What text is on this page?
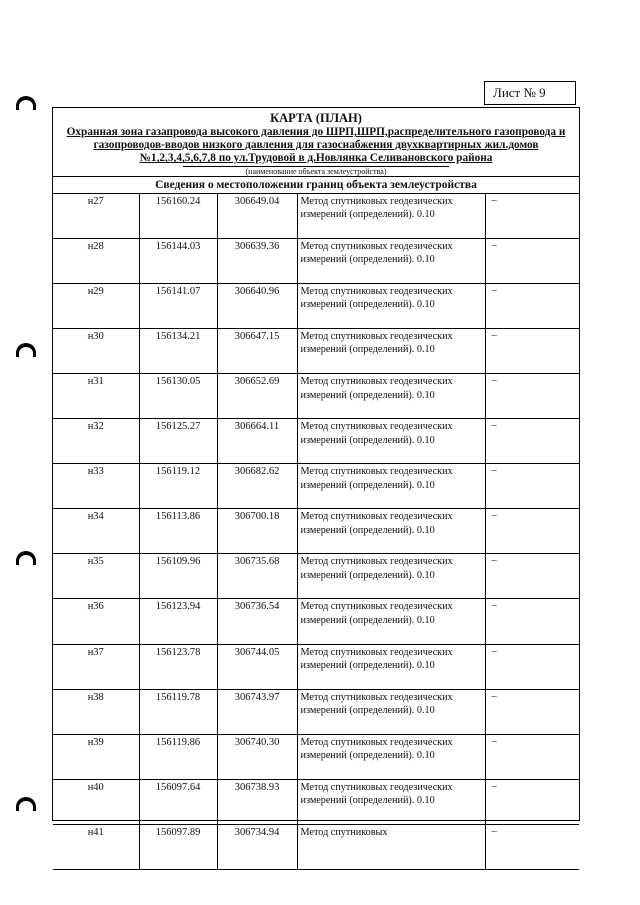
Лист № 9
КАРТА (ПЛАН)
Охранная зона газапровода высокого давления до ШРП,ШРП,распределительного газопровода и газопроводов-вводов низкого давления для газоснабжения двухквартирных жил.домов №1,2,3,4,5,6,7,8 по ул.Трудовой в д.Новлянка Селивановского района
(наименование объекта землеустройства)
Сведения о местоположении границ объекта землеустройства
н27	156160.24	306649.04	Метод спутниковых геодезических измерений (определений). 0.10	–
н28	156144.03	306639.36	Метод спутниковых геодезических измерений (определений). 0.10	–
н29	156141.07	306640.96	Метод спутниковых геодезических измерений (определений). 0.10	–
н30	156134.21	306647.15	Метод спутниковых геодезических измерений (определений). 0.10	–
н31	156130.05	306652.69	Метод спутниковых геодезических измерений (определений). 0.10	–
н32	156125.27	306664.11	Метод спутниковых геодезических измерений (определений). 0.10	–
н33	156119.12	306682.62	Метод спутниковых геодезических измерений (определений). 0.10	–
н34	156113.86	306700.18	Метод спутниковых геодезических измерений (определений). 0.10	–
н35	156109.96	306735.68	Метод спутниковых геодезических измерений (определений). 0.10	–
н36	156123.94	306736.54	Метод спутниковых геодезических измерений (определений). 0.10	–
н37	156123.78	306744.05	Метод спутниковых геодезических измерений (определений). 0.10	–
н38	156119.78	306743.97	Метод спутниковых геодезических измерений (определений). 0.10	–
н39	156119.86	306740.30	Метод спутниковых геодезических измерений (определений). 0.10	–
н40	156097.64	306738.93	Метод спутниковых геодезических измерений (определений). 0.10	–
н41	156097.89	306734.94	Метод спутниковых	–
